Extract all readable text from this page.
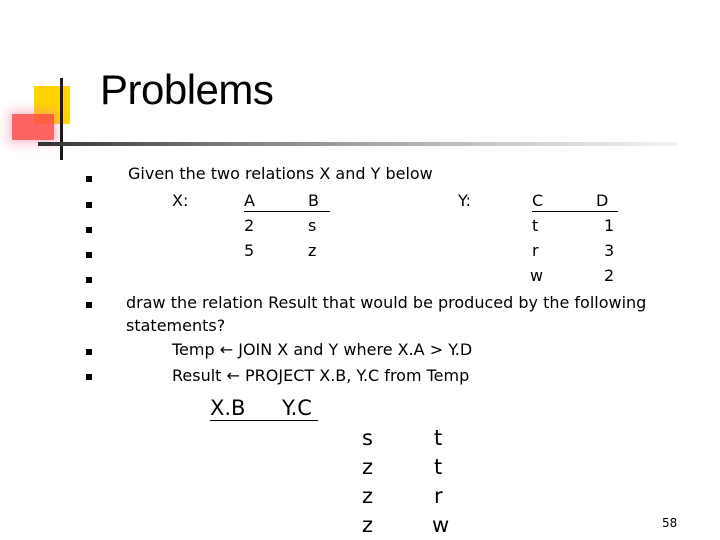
Problems
Given the two relations X and Y below
X:	A	B
2	s
5	z
Y:	C	D
t	1
r	3
w	2
draw the relation Result that would be produced by the following
statements?
Temp ← JOIN X and Y where X.A > Y.D
Result ← PROJECT X.B, Y.C from Temp
X.B	Y.C
s	t
z	t
z	r
z	w	58
